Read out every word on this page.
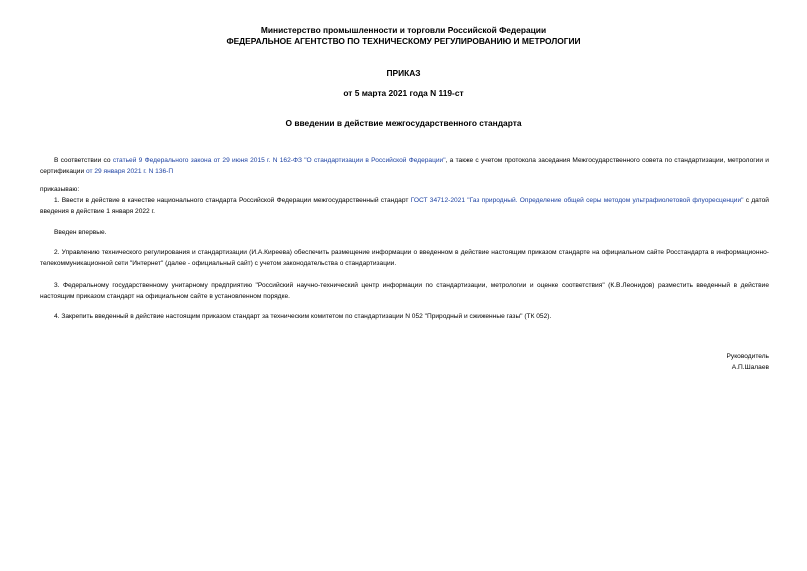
Министерство промышленности и торговли Российской Федерации
ФЕДЕРАЛЬНОЕ АГЕНТСТВО ПО ТЕХНИЧЕСКОМУ РЕГУЛИРОВАНИЮ И МЕТРОЛОГИИ
ПРИКАЗ
от 5 марта 2021 года N 119-ст
О введении в действие межгосударственного стандарта

В соответствии со статьей 9 Федерального закона от 29 июня 2015 г. N 162-ФЗ "О стандартизации в Российской Федерации", а также с учетом протокола заседания Межгосударственного совета по стандартизации, метрологии и сертификации от 29 января 2021 г. N 136-П

приказываю:

1. Ввести в действие в качестве национального стандарта Российской Федерации межгосударственный стандарт ГОСТ 34712-2021 "Газ природный. Определение общей серы методом ультрафиолетовой флуоресценции" с датой введения в действие 1 января 2022 г.

Введен впервые.

2. Управлению технического регулирования и стандартизации (И.А.Киреева) обеспечить размещение информации о введенном в действие настоящим приказом стандарте на официальном сайте Росстандарта в информационно-телекоммуникационной сети "Интернет" (далее - официальный сайт) с учетом законодательства о стандартизации.

3. Федеральному государственному унитарному предприятию "Российский научно-технический центр информации по стандартизации, метрологии и оценке соответствия" (К.В.Леонидов) разместить введенный в действие настоящим приказом стандарт на официальном сайте в установленном порядке.

4. Закрепить введенный в действие настоящим приказом стандарт за техническим комитетом по стандартизации N 052 "Природный и сжиженные газы" (ТК 052).

Руководитель
А.П.Шалаев
